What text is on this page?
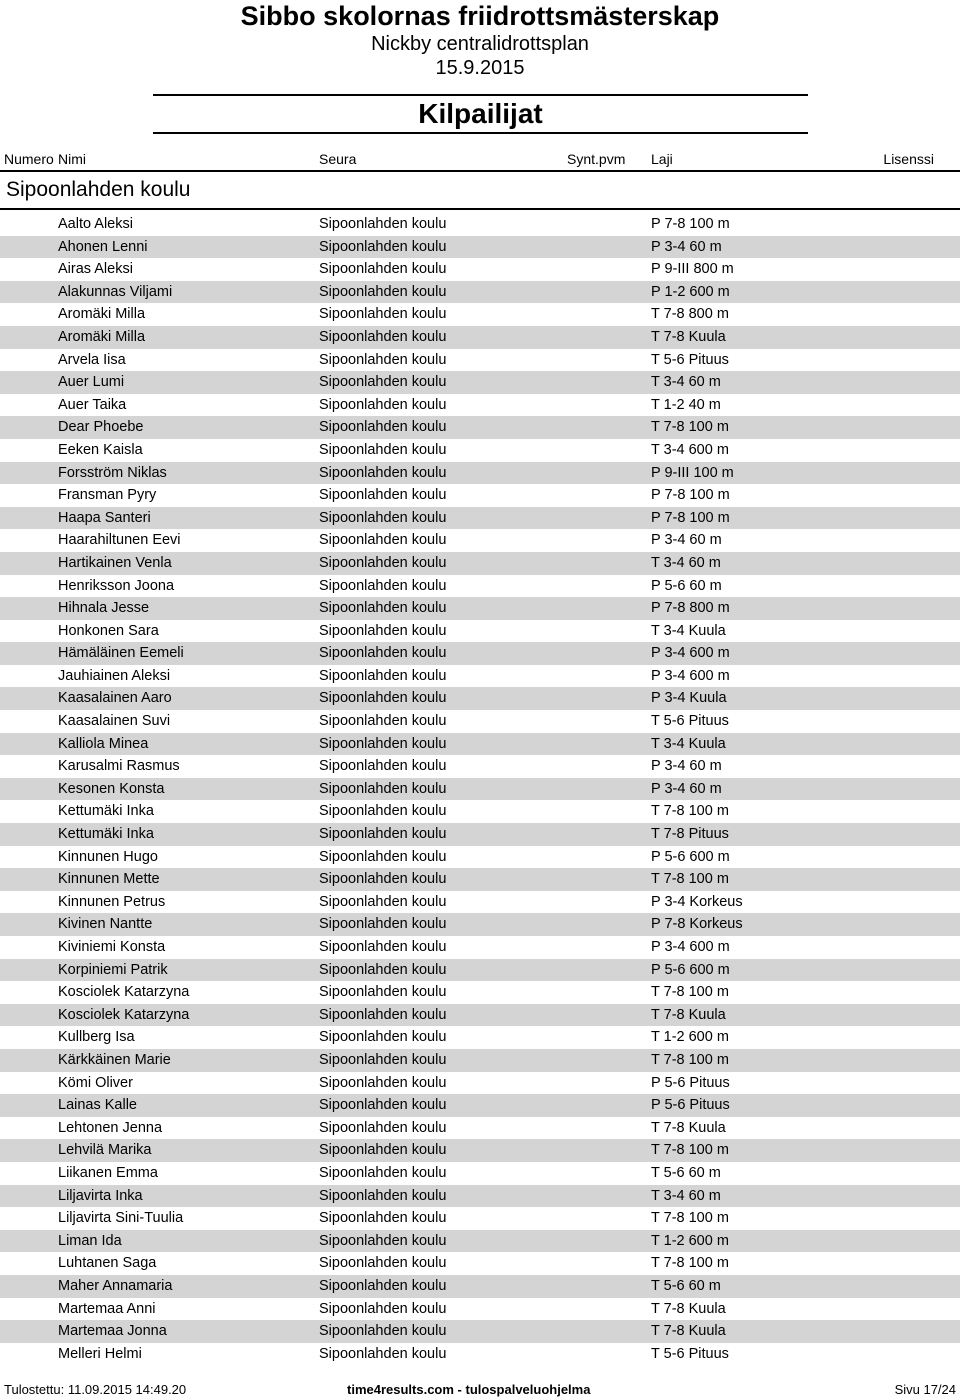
Sibbo skolornas friidrottsmästerskap
Nickby centralidrottsplan
15.9.2015
Kilpailijat
Numero Nimi	Seura	Synt.pvm Laji	Lisenssi
Sipoonlahden koulu
Aalto Aleksi	Sipoonlahden koulu	P 7-8 100 m
Ahonen Lenni	Sipoonlahden koulu	P 3-4 60 m
Airas Aleksi	Sipoonlahden koulu	P 9-III 800 m
Alakunnas Viljami	Sipoonlahden koulu	P 1-2 600 m
Aromäki Milla	Sipoonlahden koulu	T 7-8 800 m
Aromäki Milla	Sipoonlahden koulu	T 7-8 Kuula
Arvela Iisa	Sipoonlahden koulu	T 5-6 Pituus
Auer Lumi	Sipoonlahden koulu	T 3-4 60 m
Auer Taika	Sipoonlahden koulu	T 1-2 40 m
Dear Phoebe	Sipoonlahden koulu	T 7-8 100 m
Eeken Kaisla	Sipoonlahden koulu	T 3-4 600 m
Forsström Niklas	Sipoonlahden koulu	P 9-III 100 m
Fransman Pyry	Sipoonlahden koulu	P 7-8 100 m
Haapa Santeri	Sipoonlahden koulu	P 7-8 100 m
Haarahiltunen Eevi	Sipoonlahden koulu	P 3-4 60 m
Hartikainen Venla	Sipoonlahden koulu	T 3-4 60 m
Henriksson Joona	Sipoonlahden koulu	P 5-6 60 m
Hihnala Jesse	Sipoonlahden koulu	P 7-8 800 m
Honkonen Sara	Sipoonlahden koulu	T 3-4 Kuula
Hämäläinen Eemeli	Sipoonlahden koulu	P 3-4 600 m
Jauhiainen Aleksi	Sipoonlahden koulu	P 3-4 600 m
Kaasalainen Aaro	Sipoonlahden koulu	P 3-4 Kuula
Kaasalainen Suvi	Sipoonlahden koulu	T 5-6 Pituus
Kalliola Minea	Sipoonlahden koulu	T 3-4 Kuula
Karusalmi Rasmus	Sipoonlahden koulu	P 3-4 60 m
Kesonen Konsta	Sipoonlahden koulu	P 3-4 60 m
Kettumäki Inka	Sipoonlahden koulu	T 7-8 100 m
Kettumäki Inka	Sipoonlahden koulu	T 7-8 Pituus
Kinnunen Hugo	Sipoonlahden koulu	P 5-6 600 m
Kinnunen Mette	Sipoonlahden koulu	T 7-8 100 m
Kinnunen Petrus	Sipoonlahden koulu	P 3-4 Korkeus
Kivinen Nantte	Sipoonlahden koulu	P 7-8 Korkeus
Kiviniemi Konsta	Sipoonlahden koulu	P 3-4 600 m
Korpiniemi Patrik	Sipoonlahden koulu	P 5-6 600 m
Kosciolek Katarzyna	Sipoonlahden koulu	T 7-8 100 m
Kosciolek Katarzyna	Sipoonlahden koulu	T 7-8 Kuula
Kullberg Isa	Sipoonlahden koulu	T 1-2 600 m
Kärkkäinen Marie	Sipoonlahden koulu	T 7-8 100 m
Kömi Oliver	Sipoonlahden koulu	P 5-6 Pituus
Lainas Kalle	Sipoonlahden koulu	P 5-6 Pituus
Lehtonen Jenna	Sipoonlahden koulu	T 7-8 Kuula
Lehvilä Marika	Sipoonlahden koulu	T 7-8 100 m
Liikanen Emma	Sipoonlahden koulu	T 5-6 60 m
Liljavirta Inka	Sipoonlahden koulu	T 3-4 60 m
Liljavirta Sini-Tuulia	Sipoonlahden koulu	T 7-8 100 m
Liman Ida	Sipoonlahden koulu	T 1-2 600 m
Luhtanen Saga	Sipoonlahden koulu	T 7-8 100 m
Maher Annamaria	Sipoonlahden koulu	T 5-6 60 m
Martemaa Anni	Sipoonlahden koulu	T 7-8 Kuula
Martemaa Jonna	Sipoonlahden koulu	T 7-8 Kuula
Melleri Helmi	Sipoonlahden koulu	T 5-6 Pituus
Tulostettu: 11.09.2015 14:49.20	time4results.com - tulospalveluohjelma	Sivu 17/24
